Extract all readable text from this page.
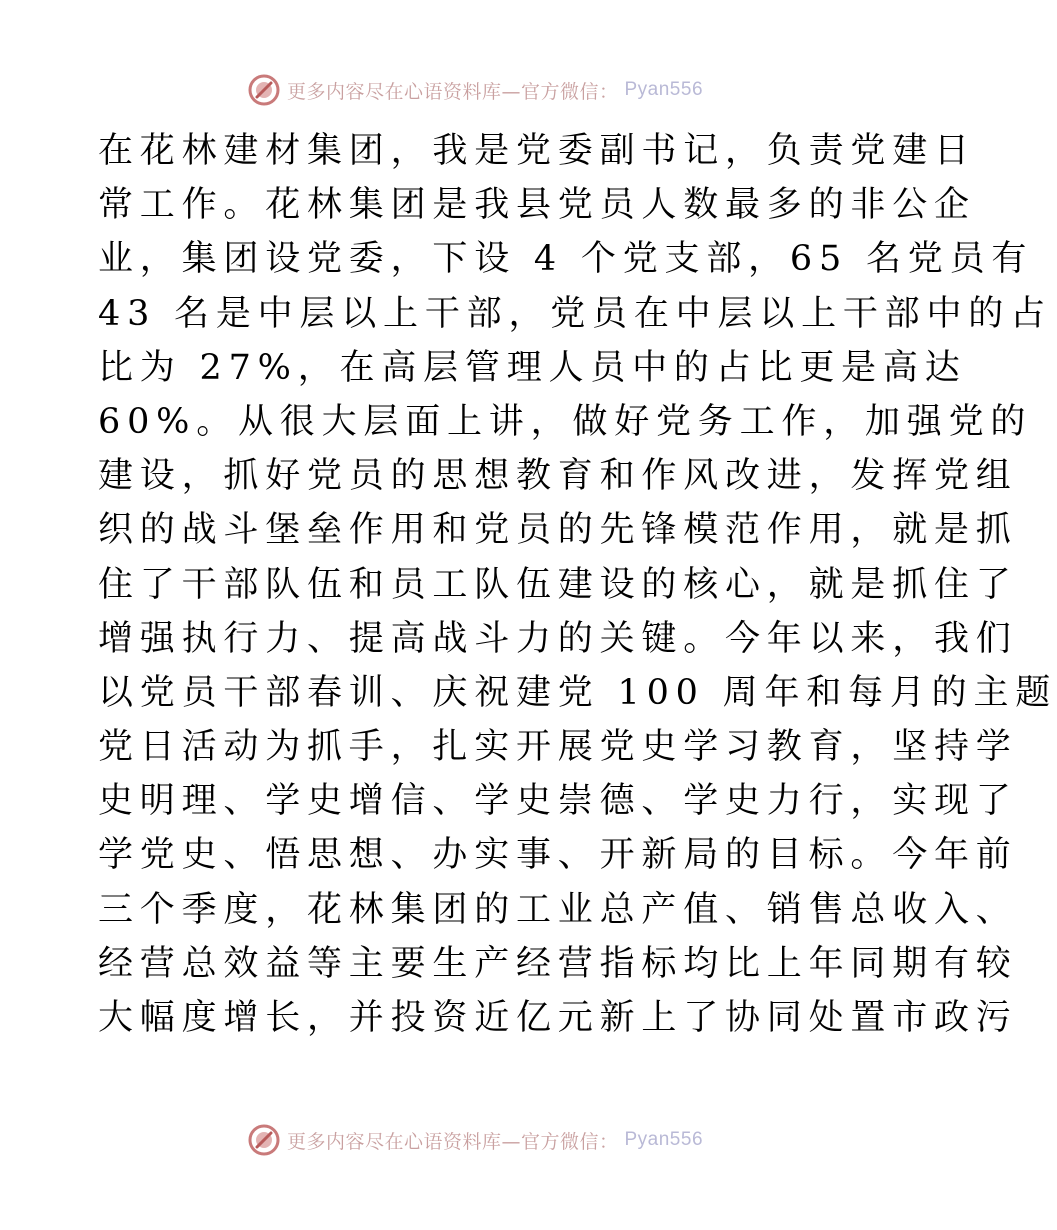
更多内容尽在心语资料库—官方微信： Pyan556
在花林建材集团，我是党委副书记，负责党建日
常工作。花林集团是我县党员人数最多的非公企
业，集团设党委，下设 4 个党支部，65 名党员有
43 名是中层以上干部，党员在中层以上干部中的占
比为 27%，在高层管理人员中的占比更是高达
60%。从很大层面上讲，做好党务工作，加强党的
建设，抓好党员的思想教育和作风改进，发挥党组
织的战斗堡垒作用和党员的先锋模范作用，就是抓
住了干部队伍和员工队伍建设的核心，就是抓住了
增强执行力、提高战斗力的关键。今年以来，我们
以党员干部春训、庆祝建党 100 周年和每月的主题
党日活动为抓手，扎实开展党史学习教育，坚持学
史明理、学史增信、学史崇德、学史力行，实现了
学党史、悟思想、办实事、开新局的目标。今年前
三个季度，花林集团的工业总产值、销售总收入、
经营总效益等主要生产经营指标均比上年同期有较
大幅度增长，并投资近亿元新上了协同处置市政污
更多内容尽在心语资料库—官方微信： Pyan556
